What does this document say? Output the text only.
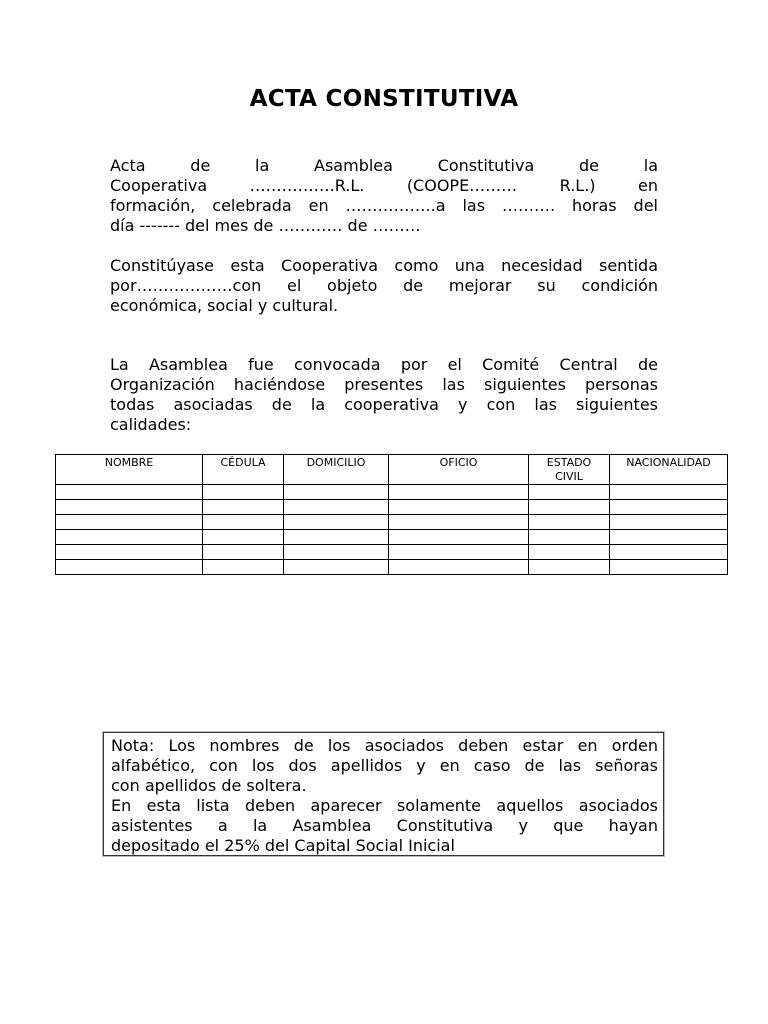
ACTA CONSTITUTIVA
Acta de la Asamblea Constitutiva de la
Cooperativa …………….R.L. (COOPE……… R.L.) en
formación, celebrada en ……………..a las ………. horas del
día ------- del mes de ………… de ………
Constitúyase esta Cooperativa como una necesidad sentida
por………………con el objeto de mejorar su condición
económica, social y cultural.
La Asamblea fue convocada por el Comité Central de
Organización haciéndose presentes las siguientes personas
todas asociadas de la cooperativa y con las siguientes
calidades:
NOMBRE	CÉDULA	DOMICILIO	OFICIO	ESTADO CIVIL	NACIONALIDAD

Nota: Los nombres de los asociados deben estar en orden
alfabético, con los dos apellidos y en caso de las señoras
con apellidos de soltera.
En esta lista deben aparecer solamente aquellos asociados
asistentes a la Asamblea Constitutiva y que hayan
depositado el 25% del Capital Social Inicial
